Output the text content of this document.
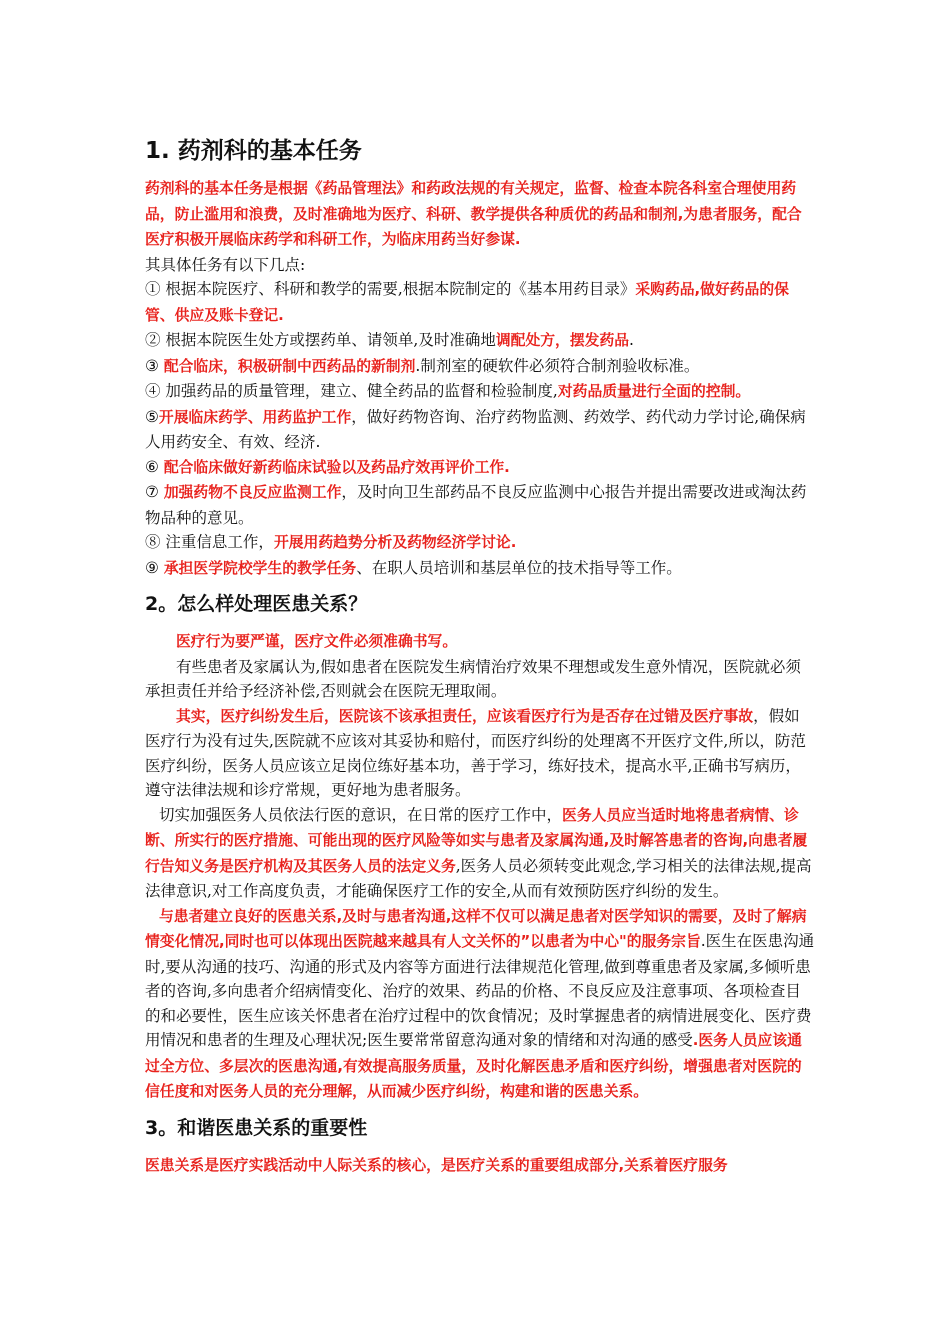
1. 药剂科的基本任务

药剂科的基本任务是根据《药品管理法》和药政法规的有关规定，监督、检查本院各科室合理使用药品，防止滥用和浪费，及时准确地为医疗、科研、教学提供各种质优的药品和制剂,为患者服务，配合医疗积极开展临床药学和科研工作，为临床用药当好参谋.

其具体任务有以下几点:

① 根据本院医疗、科研和教学的需要,根据本院制定的《基本用药目录》采购药品,做好药品的保管、供应及账卡登记.

② 根据本院医生处方或摆药单、请领单,及时准确地调配处方，摆发药品.

③ 配合临床，积极研制中西药品的新制剂.制剂室的硬软件必须符合制剂验收标准。

④ 加强药品的质量管理，建立、健全药品的监督和检验制度,对药品质量进行全面的控制。

⑤开展临床药学、用药监护工作，做好药物咨询、治疗药物监测、药效学、药代动力学讨论,确保病人用药安全、有效、经济.

⑥ 配合临床做好新药临床试验以及药品疗效再评价工作.

⑦ 加强药物不良反应监测工作，及时向卫生部药品不良反应监测中心报告并提出需要改进或淘汰药物品种的意见。

⑧ 注重信息工作，开展用药趋势分析及药物经济学讨论.

⑨ 承担医学院校学生的教学任务、在职人员培训和基层单位的技术指导等工作。

2。怎么样处理医患关系？

医疗行为要严谨，医疗文件必须准确书写。

有些患者及家属认为,假如患者在医院发生病情治疗效果不理想或发生意外情况，医院就必须承担责任并给予经济补偿,否则就会在医院无理取闹。

其实，医疗纠纷发生后，医院该不该承担责任，应该看医疗行为是否存在过错及医疗事故，假如医疗行为没有过失,医院就不应该对其妥协和赔付，而医疗纠纷的处理离不开医疗文件,所以，防范医疗纠纷，医务人员应该立足岗位练好基本功，善于学习，练好技术，提高水平,正确书写病历，遵守法律法规和诊疗常规，更好地为患者服务。

切实加强医务人员依法行医的意识，在日常的医疗工作中，医务人员应当适时地将患者病情、诊断、所实行的医疗措施、可能出现的医疗风险等如实与患者及家属沟通,及时解答患者的咨询,向患者履行告知义务是医疗机构及其医务人员的法定义务,医务人员必须转变此观念,学习相关的法律法规,提高法律意识,对工作高度负责，才能确保医疗工作的安全,从而有效预防医疗纠纷的发生。

与患者建立良好的医患关系,及时与患者沟通,这样不仅可以满足患者对医学知识的需要，及时了解病情变化情况,同时也可以体现出医院越来越具有人文关怀的”以患者为中心"的服务宗旨.医生在医患沟通时,要从沟通的技巧、沟通的形式及内容等方面进行法律规范化管理,做到尊重患者及家属,多倾听患者的咨询,多向患者介绍病情变化、治疗的效果、药品的价格、不良反应及注意事项、各项检查目的和必要性，医生应该关怀患者在治疗过程中的饮食情况；及时掌握患者的病情进展变化、医疗费用情况和患者的生理及心理状况;医生要常常留意沟通对象的情绪和对沟通的感受.医务人员应该通过全方位、多层次的医患沟通,有效提高服务质量，及时化解医患矛盾和医疗纠纷，增强患者对医院的信任度和对医务人员的充分理解，从而减少医疗纠纷，构建和谐的医患关系。

3。和谐医患关系的重要性

医患关系是医疗实践活动中人际关系的核心，是医疗关系的重要组成部分,关系着医疗服务
